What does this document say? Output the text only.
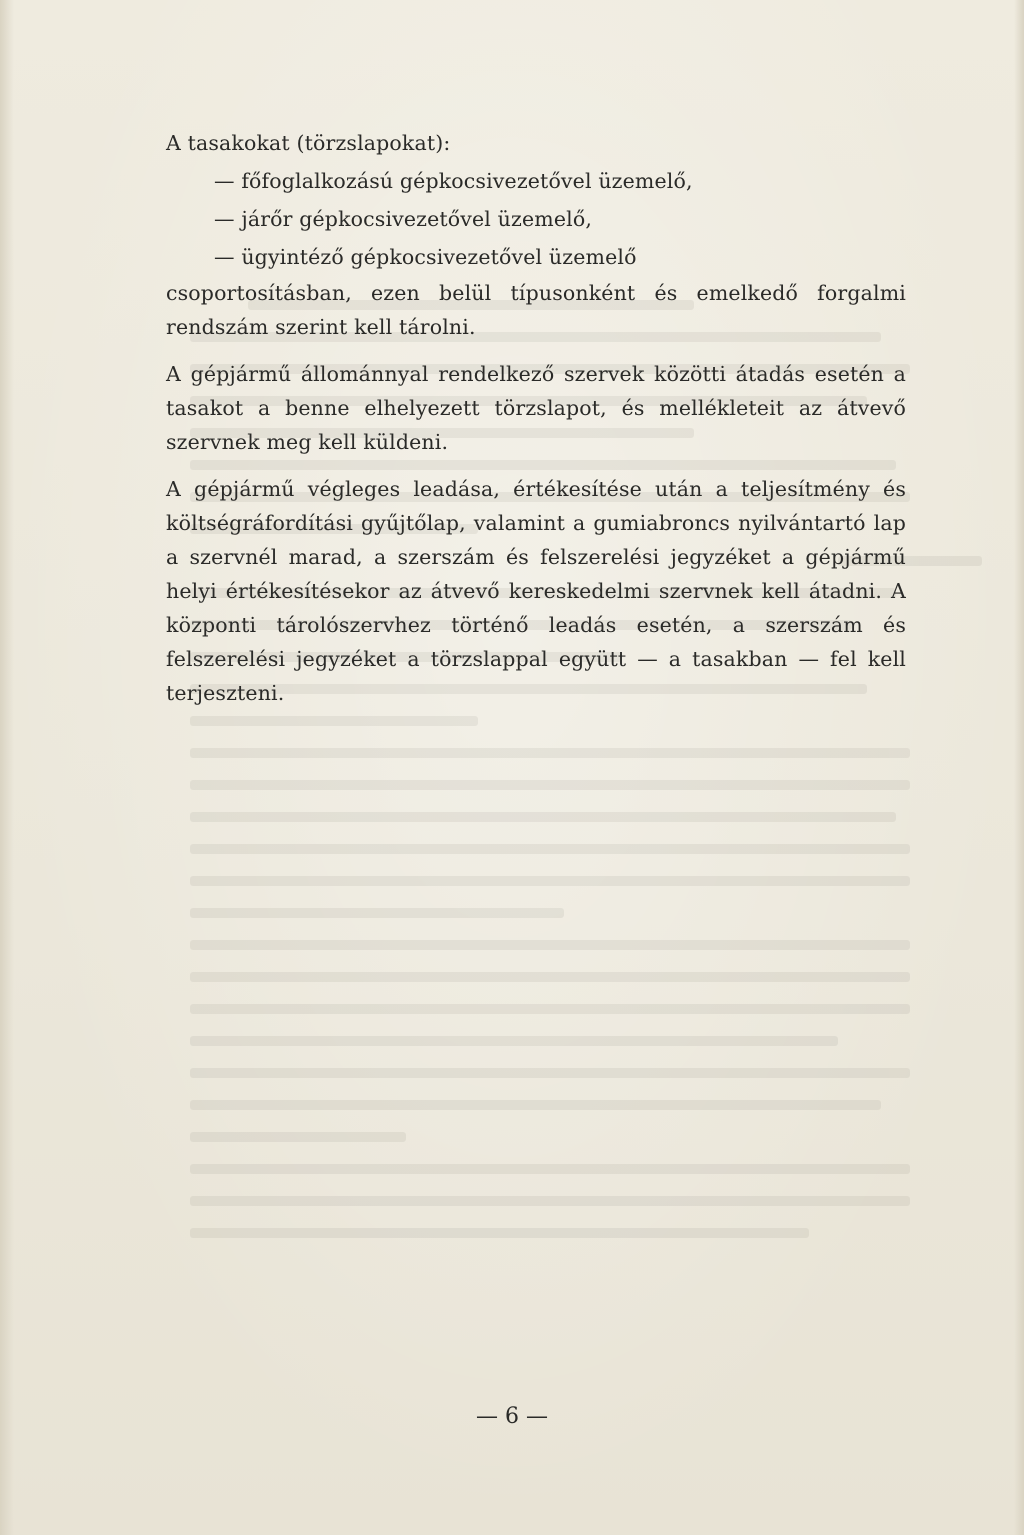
A tasakokat (törzslapokat):

— főfoglalkozású gépkocsivezetővel üzemelő,
— járőr gépkocsivezetővel üzemelő,
— ügyintéző gépkocsivezetővel üzemelő

csoportosításban, ezen belül típusonként és emelkedő forgalmi rendszám szerint kell tárolni.

A gépjármű állománnyal rendelkező szervek közötti átadás esetén a tasakot a benne elhelyezett törzslapot, és mellékleteit az átvevő szervnek meg kell küldeni.

A gépjármű végleges leadása, értékesítése után a teljesítmény és költségráfordítási gyűjtőlap, valamint a gumiabroncs nyilvántartó lap a szervnél marad, a szerszám és felszerelési jegyzéket a gépjármű helyi értékesítésekor az átvevő kereskedelmi szervnek kell átadni. A központi tárolószervhez történő leadás esetén, a szerszám és felszerelési jegyzéket a törzslappal együtt — a tasakban — fel kell terjeszteni.

— 6 —
